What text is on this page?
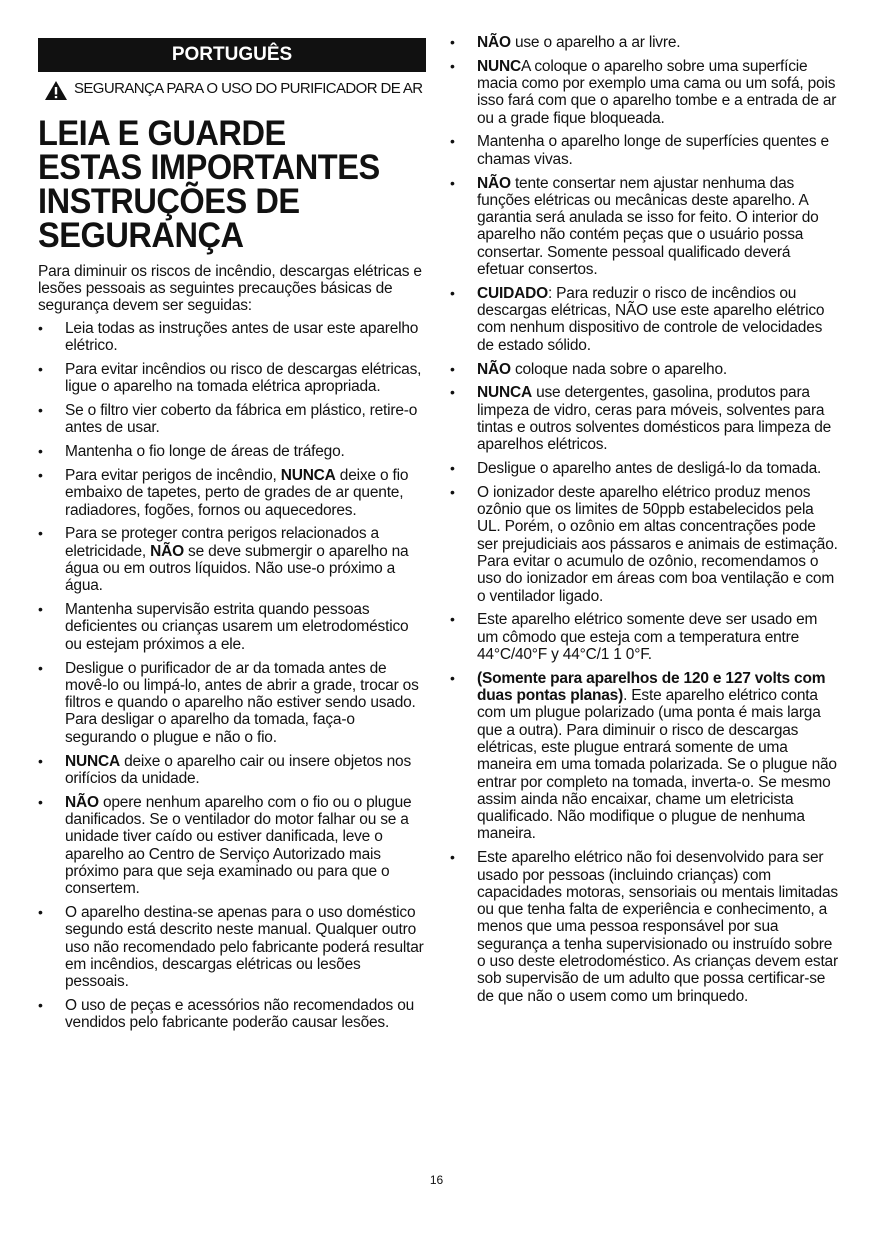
PORTUGUÊS
SEGURANÇA PARA O USO DO PURIFICADOR DE AR
LEIA E GUARDE
ESTAS IMPORTANTES
INSTRUÇÕES DE
SEGURANÇA

Para diminuir os riscos de incêndio, descargas elétricas e lesões pessoais as seguintes precauções básicas de segurança devem ser seguidas:

• Leia todas as instruções antes de usar este aparelho elétrico.
• Para evitar incêndios ou risco de descargas elétricas, ligue o aparelho na tomada elétrica apropriada.
• Se o filtro vier coberto da fábrica em plástico, retire-o antes de usar.
• Mantenha o fio longe de áreas de tráfego.
• Para evitar perigos de incêndio, NUNCA deixe o fio embaixo de tapetes, perto de grades de ar quente, radiadores, fogões, fornos ou aquecedores.
• Para se proteger contra perigos relacionados a eletricidade, NÃO se deve submergir o aparelho na água ou em outros líquidos. Não use-o próximo a água.
• Mantenha supervisão estrita quando pessoas deficientes ou crianças usarem um eletrodoméstico ou estejam próximos a ele.
• Desligue o purificador de ar da tomada antes de movê-lo ou limpá-lo, antes de abrir a grade, trocar os filtros e quando o aparelho não estiver sendo usado. Para desligar o aparelho da tomada, faça-o segurando o plugue e não o fio.
• NUNCA deixe o aparelho cair ou insere objetos nos orifícios da unidade.
• NÃO opere nenhum aparelho com o fio ou o plugue danificados. Se o ventilador do motor falhar ou se a unidade tiver caído ou estiver danificada, leve o aparelho ao Centro de Serviço Autorizado mais próximo para que seja examinado ou para que o consertem.
• O aparelho destina-se apenas para o uso doméstico segundo está descrito neste manual. Qualquer outro uso não recomendado pelo fabricante poderá resultar em incêndios, descargas elétricas ou lesões pessoais.
• O uso de peças e acessórios não recomendados ou vendidos pelo fabricante poderão causar lesões.
• NÃO use o aparelho a ar livre.
• NUNCA coloque o aparelho sobre uma superfície macia como por exemplo uma cama ou um sofá, pois isso fará com que o aparelho tombe e a entrada de ar ou a grade fique bloqueada.
• Mantenha o aparelho longe de superfícies quentes e chamas vivas.
• NÃO tente consertar nem ajustar nenhuma das funções elétricas ou mecânicas deste aparelho. A garantia será anulada se isso for feito. O interior do aparelho não contém peças que o usuário possa consertar. Somente pessoal qualificado deverá efetuar consertos.
• CUIDADO: Para reduzir o risco de incêndios ou descargas elétricas, NÃO use este aparelho elétrico com nenhum dispositivo de controle de velocidades de estado sólido.
• NÃO coloque nada sobre o aparelho.
• NUNCA use detergentes, gasolina, produtos para limpeza de vidro, ceras para móveis, solventes para tintas e outros solventes domésticos para limpeza de aparelhos elétricos.
• Desligue o aparelho antes de desligá-lo da tomada.
• O ionizador deste aparelho elétrico produz menos ozônio que os limites de 50ppb estabelecidos pela UL. Porém, o ozônio em altas concentrações pode ser prejudiciais aos pássaros e animais de estimação. Para evitar o acumulo de ozônio, recomendamos o uso do ionizador em áreas com boa ventilação e com o ventilador ligado.
• Este aparelho elétrico somente deve ser usado em um cômodo que esteja com a temperatura entre 44°C/40°F y 44°C/1 1 0°F.
• (Somente para aparelhos de 120 e 127 volts com duas pontas planas). Este aparelho elétrico conta com um plugue polarizado (uma ponta é mais larga que a outra). Para diminuir o risco de descargas elétricas, este plugue entrará somente de uma maneira em uma tomada polarizada. Se o plugue não entrar por completo na tomada, inverta-o. Se mesmo assim ainda não encaixar, chame um eletricista qualificado. Não modifique o plugue de nenhuma maneira.
• Este aparelho elétrico não foi desenvolvido para ser usado por pessoas (incluindo crianças) com capacidades motoras, sensoriais ou mentais limitadas ou que tenha falta de experiência e conhecimento, a menos que uma pessoa responsável por sua segurança a tenha supervisionado ou instruído sobre o uso deste eletrodoméstico. As crianças devem estar sob supervisão de um adulto que possa certificar-se de que não o usem como um brinquedo.
16
